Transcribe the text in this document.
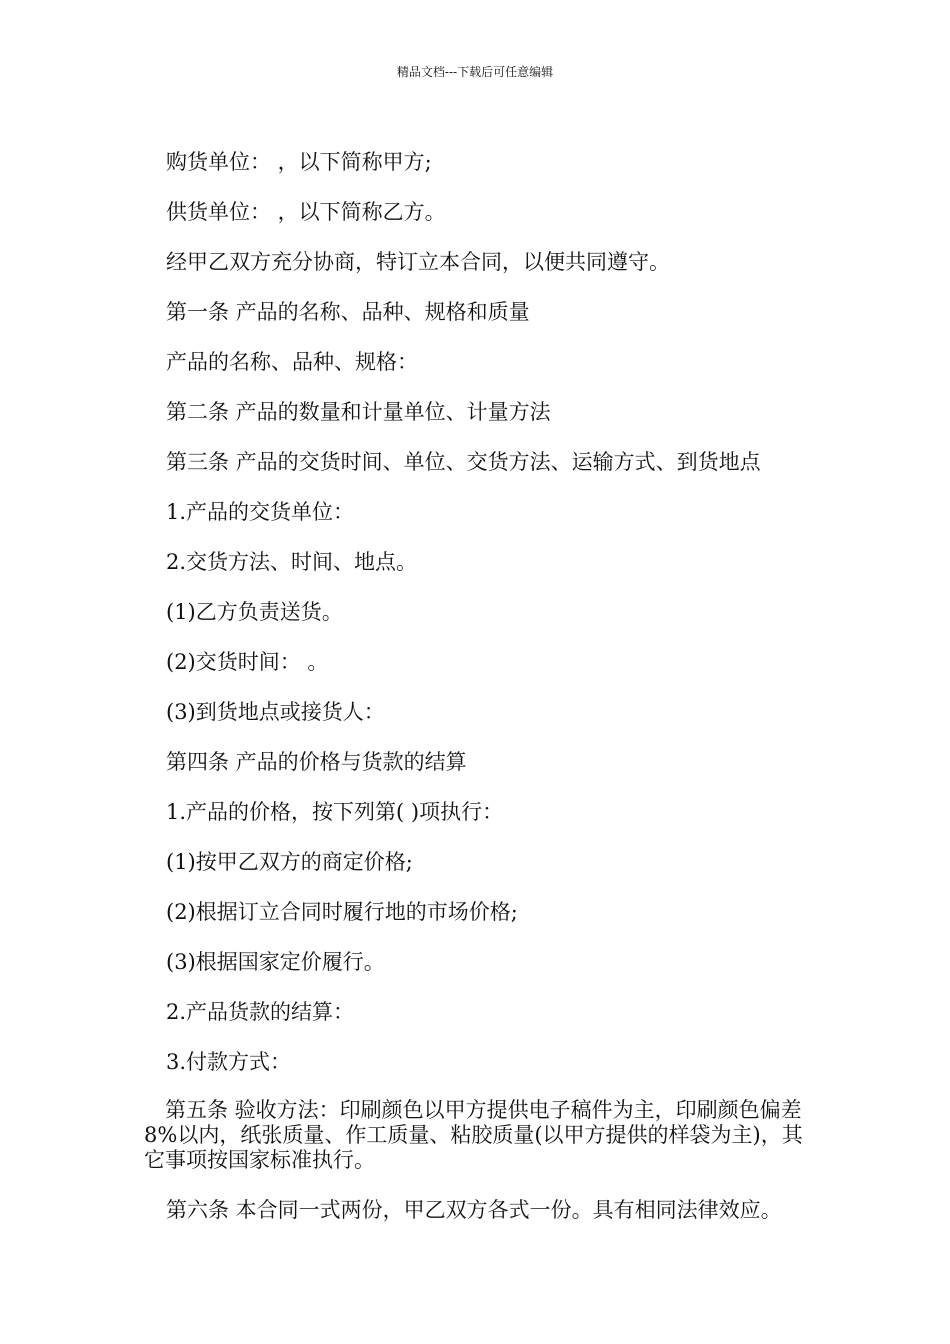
精品文档---下载后可任意编辑
购货单位： ，以下简称甲方;
供货单位： ，以下简称乙方。
经甲乙双方充分协商，特订立本合同，以便共同遵守。
第一条 产品的名称、品种、规格和质量
产品的名称、品种、规格：
第二条 产品的数量和计量单位、计量方法
第三条 产品的交货时间、单位、交货方法、运输方式、到货地点
1.产品的交货单位：
2.交货方法、时间、地点。
(1)乙方负责送货。
(2)交货时间： 。
(3)到货地点或接货人：
第四条 产品的价格与货款的结算
1.产品的价格，按下列第( )项执行：
(1)按甲乙双方的商定价格;
(2)根据订立合同时履行地的市场价格;
(3)根据国家定价履行。
2.产品货款的结算：
3.付款方式：
　第五条 验收方法：印刷颜色以甲方提供电子稿件为主，印刷颜色偏差 8%以内，纸张质量、作工质量、粘胶质量(以甲方提供的样袋为主)，其它事项按国家标准执行。
第六条 本合同一式两份，甲乙双方各式一份。具有相同法律效应。
